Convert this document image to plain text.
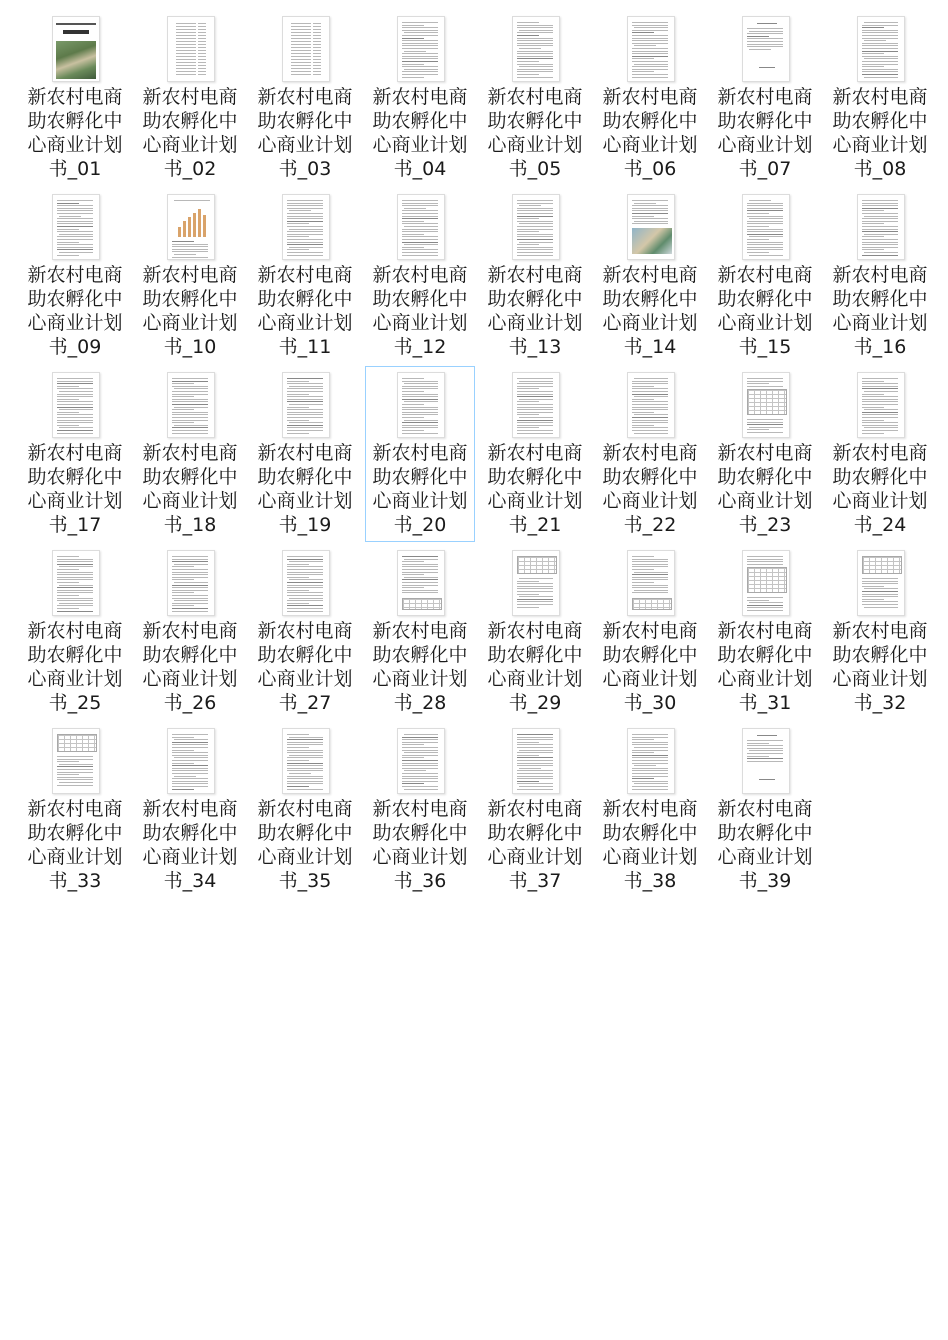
新农村电商助农孵化中心商业计划书_01
新农村电商助农孵化中心商业计划书_02
新农村电商助农孵化中心商业计划书_03
新农村电商助农孵化中心商业计划书_04
新农村电商助农孵化中心商业计划书_05
新农村电商助农孵化中心商业计划书_06
新农村电商助农孵化中心商业计划书_07
新农村电商助农孵化中心商业计划书_08
新农村电商助农孵化中心商业计划书_09
新农村电商助农孵化中心商业计划书_10
新农村电商助农孵化中心商业计划书_11
新农村电商助农孵化中心商业计划书_12
新农村电商助农孵化中心商业计划书_13
新农村电商助农孵化中心商业计划书_14
新农村电商助农孵化中心商业计划书_15
新农村电商助农孵化中心商业计划书_16
新农村电商助农孵化中心商业计划书_17
新农村电商助农孵化中心商业计划书_18
新农村电商助农孵化中心商业计划书_19
新农村电商助农孵化中心商业计划书_20
新农村电商助农孵化中心商业计划书_21
新农村电商助农孵化中心商业计划书_22
新农村电商助农孵化中心商业计划书_23
新农村电商助农孵化中心商业计划书_24
新农村电商助农孵化中心商业计划书_25
新农村电商助农孵化中心商业计划书_26
新农村电商助农孵化中心商业计划书_27
新农村电商助农孵化中心商业计划书_28
新农村电商助农孵化中心商业计划书_29
新农村电商助农孵化中心商业计划书_30
新农村电商助农孵化中心商业计划书_31
新农村电商助农孵化中心商业计划书_32
新农村电商助农孵化中心商业计划书_33
新农村电商助农孵化中心商业计划书_34
新农村电商助农孵化中心商业计划书_35
新农村电商助农孵化中心商业计划书_36
新农村电商助农孵化中心商业计划书_37
新农村电商助农孵化中心商业计划书_38
新农村电商助农孵化中心商业计划书_39
